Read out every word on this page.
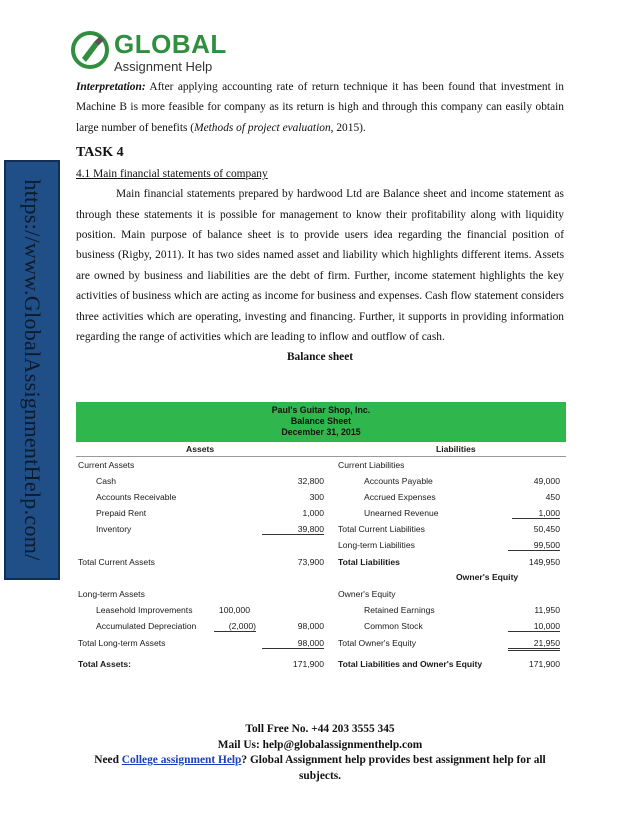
GLOBAL
Assignment Help
https://www.GlobalAssignmentHelp.com/

Interpretation: After applying accounting rate of return technique it has been found that investment in Machine B is more feasible for company as its return is high and through this company can easily obtain large number of benefits (Methods of project evaluation, 2015).

TASK 4
4.1 Main financial statements of company

Main financial statements prepared by hardwood Ltd are Balance sheet and income statement as through these statements it is possible for management to know their profitability along with liquidity position. Main purpose of balance sheet is to provide users idea regarding the financial position of business (Rigby, 2011). It has two sides named asset and liability which highlights different items. Assets are owned by business and liabilities are the debt of firm. Further, income statement highlights the key activities of business which are acting as income for business and expenses. Cash flow statement considers three activities which are operating, investing and financing. Further, it supports in providing information regarding the range of activities which are leading to inflow and outflow of cash.

Balance sheet
Paul's Guitar Shop, Inc.
Balance Sheet
December 31, 2015
Assets	Liabilities
Current Assets	Current Liabilities
Cash	32,800	Accounts Payable	49,000
Accounts Receivable	300	Accrued Expenses	450
Prepaid Rent	1,000	Unearned Revenue	1,000
Inventory	39,800 Total Current Liabilities	50,450
Long-term Liabilities	99,500
Total Current Assets	73,900 Total Liabilities	149,950
Owner's Equity
Long-term Assets	Owner's Equity
Leasehold Improvements	100,000	Retained Earnings	11,950
Accumulated Depreciation	(2,000)	98,000	Common Stock	10,000
Total Long-term Assets	98,000 Total Owner's Equity	21,950
Total Assets:	171,900 Total Liabilities and Owner's Equity	171,900
Toll Free No. +44 203 3555 345
Mail Us: help@globalassignmenthelp.com
Need College assignment Help? Global Assignment help provides best assignment help for all subjects.
